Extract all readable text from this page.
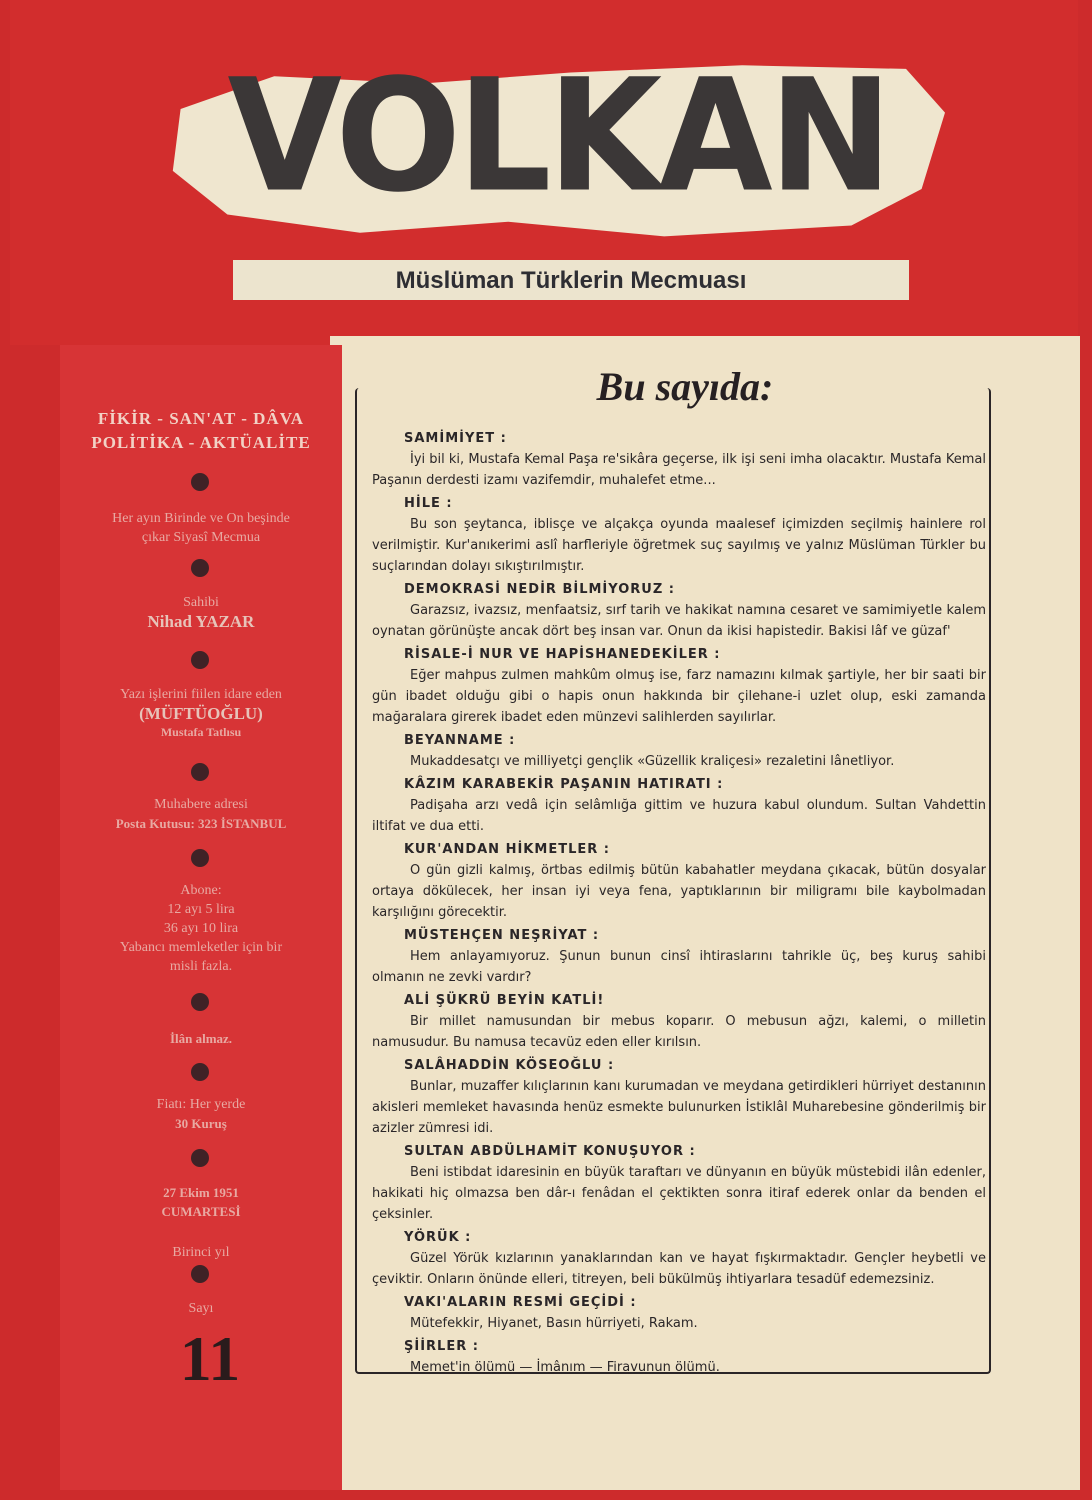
VOLKAN
Müslüman Türklerin Mecmuası
FİKİR - SAN'AT - DÂVA
POLİTİKA - AKTÜALİTE
Her ayın Birinde ve On beşinde
çıkar Siyasî Mecmua
Sahibi
Nihad YAZAR
Yazı işlerini fiilen idare eden
(MÜFTÜOĞLU)
Mustafa Tatlısu
Muhabere adresi
Posta Kutusu: 323 İSTANBUL
Abone:
12 ayı 5 lira
36 ayı 10 lira
Yabancı memleketler için bir
misli fazla.
İlân almaz.
Fiatı: Her yerde
30 Kuruş
27 Ekim 1951
CUMARTESİ
Birinci yıl
Sayı
11
Bu sayıda:
SAMİMİYET :
İyi bil ki, Mustafa Kemal Paşa re'sikâra geçerse, ilk işi seni imha olacaktır. Mustafa Kemal Paşanın derdesti izamı vazifemdir, muhalefet etme...
HİLE :
Bu son şeytanca, iblisçe ve alçakça oyunda maalesef içimizden seçilmiş hainlere rol verilmiştir. Kur'anıkerimi aslî harfleriyle öğretmek suç sayılmış ve yalnız Müslüman Türkler bu suçlarından dolayı sıkıştırılmıştır.
DEMOKRASİ NEDİR BİLMİYORUZ :
Garazsız, ivazsız, menfaatsiz, sırf tarih ve hakikat namına cesaret ve samimiyetle kalem oynatan görünüşte ancak dört beş insan var. Onun da ikisi hapistedir. Bakisi lâf ve güzaf'
RİSALE-İ NUR VE HAPİSHANEDEKİLER :
Eğer mahpus zulmen mahkûm olmuş ise, farz namazını kılmak şartiyle, her bir saati bir gün ibadet olduğu gibi o hapis onun hakkında bir çilehane-i uzlet olup, eski zamanda mağaralara girerek ibadet eden münzevi salihlerden sayılırlar.
BEYANNAME :
Mukaddesatçı ve milliyetçi gençlik «Güzellik kraliçesi» rezaletini lânetliyor.
KÂZIM KARABEKİR PAŞANIN HATIRATI :
Padişaha arzı vedâ için selâmlığa gittim ve huzura kabul olundum. Sultan Vahdettin iltifat ve dua etti.
KUR'ANDAN HİKMETLER :
O gün gizli kalmış, örtbas edilmiş bütün kabahatler meydana çıkacak, bütün dosyalar ortaya dökülecek, her insan iyi veya fena, yaptıklarının bir miligramı bile kaybolmadan karşılığını görecektir.
MÜSTEHÇEN NEŞRİYAT :
Hem anlayamıyoruz. Şunun bunun cinsî ihtiraslarını tahrikle üç, beş kuruş sahibi olmanın ne zevki vardır?
ALİ ŞÜKRÜ BEYİN KATLİ!
Bir millet namusundan bir mebus koparır. O mebusun ağzı, kalemi, o milletin namusudur. Bu namusa tecavüz eden eller kırılsın.
SALÂHADDİN KÖSEOĞLU :
Bunlar, muzaffer kılıçlarının kanı kurumadan ve meydana getirdikleri hürriyet destanının akisleri memleket havasında henüz esmekte bulunurken İstiklâl Muharebesine gönderilmiş bir azizler zümresi idi.
SULTAN ABDÜLHAMİT KONUŞUYOR :
Beni istibdat idaresinin en büyük taraftarı ve dünyanın en büyük müstebidi ilân edenler, hakikati hiç olmazsa ben dâr-ı fenâdan el çektikten sonra itiraf ederek onlar da benden el çeksinler.
YÖRÜK :
Güzel Yörük kızlarının yanaklarından kan ve hayat fışkırmaktadır. Gençler heybetli ve çeviktir. Onların önünde elleri, titreyen, beli bükülmüş ihtiyarlara tesadüf edemezsiniz.
VAKI'ALARIN RESMİ GEÇİDİ :
Mütefekkir, Hiyanet, Basın hürriyeti, Rakam.
ŞİİRLER :
Memet'in ölümü — İmânım — Firavunun ölümü.
